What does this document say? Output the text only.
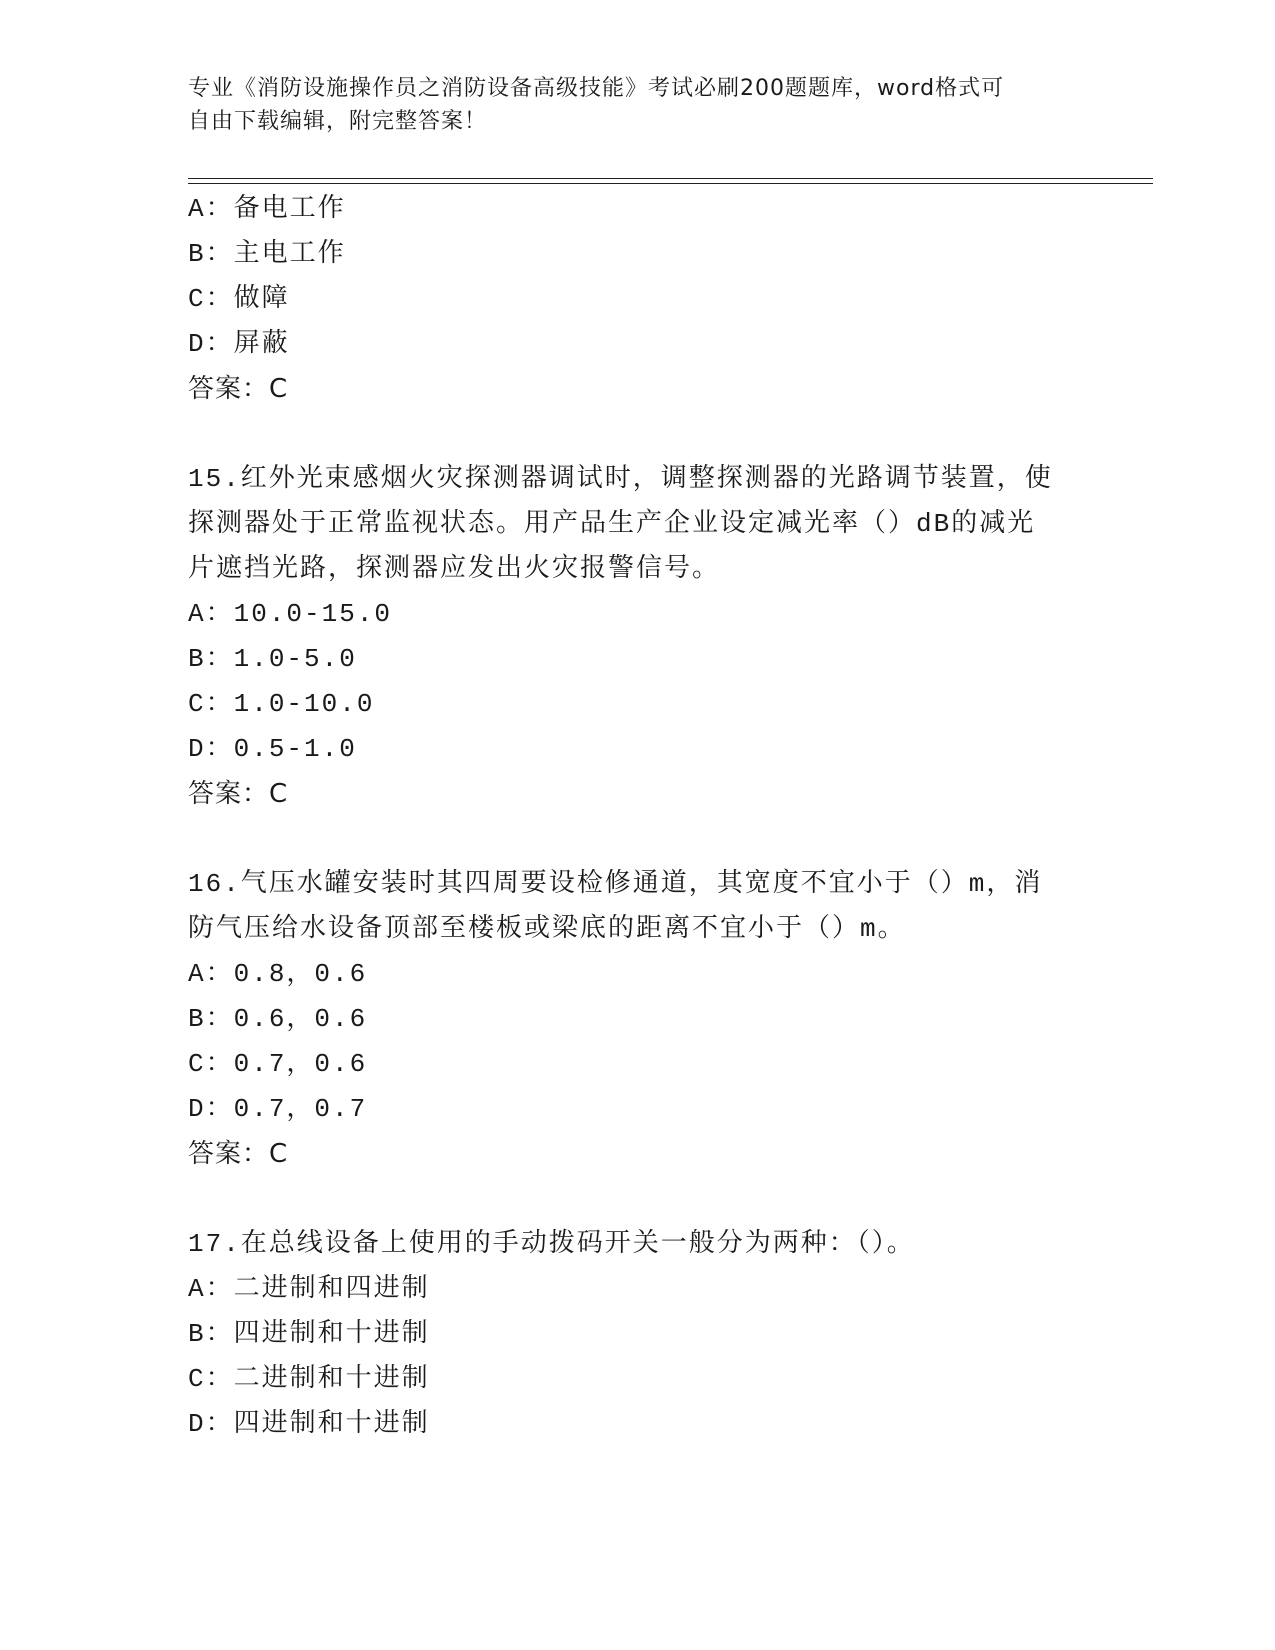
专业《消防设施操作员之消防设备高级技能》考试必刷200题题库，word格式可
自由下载编辑，附完整答案！
A：备电工作
B：主电工作
C：做障
D：屏蔽
答案：C
15.红外光束感烟火灾探测器调试时，调整探测器的光路调节装置，使
探测器处于正常监视状态。用产品生产企业设定减光率（）dB的减光
片遮挡光路，探测器应发出火灾报警信号。
A：10.0-15.0
B：1.0-5.0
C：1.0-10.0
D：0.5-1.0
答案：C
16.气压水罐安装时其四周要设检修通道，其宽度不宜小于（）m，消
防气压给水设备顶部至楼板或梁底的距离不宜小于（）m。
A：0.8，0.6
B：0.6，0.6
C：0.7，0.6
D：0.7，0.7
答案：C
17.在总线设备上使用的手动拨码开关一般分为两种：（）。
A：二进制和四进制
B：四进制和十进制
C：二进制和十进制
D：四进制和十进制
